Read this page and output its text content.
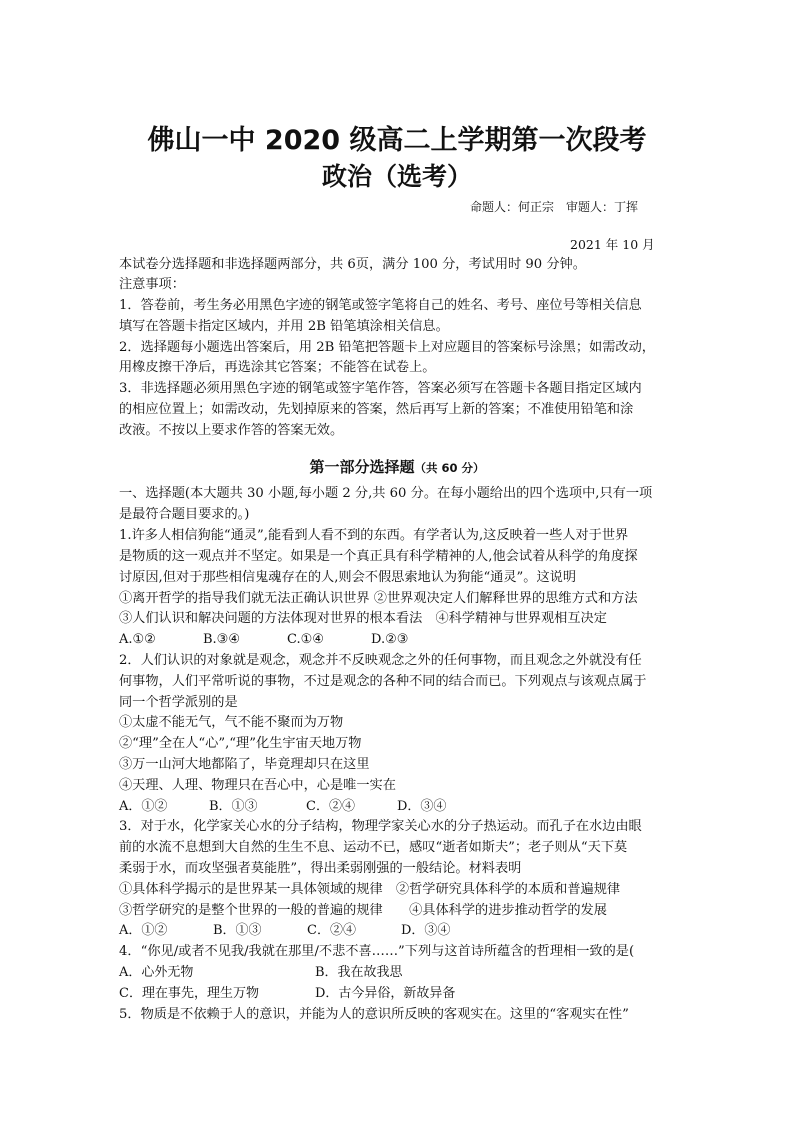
佛山一中 2020 级高二上学期第一次段考
政治（选考）
命题人：何正宗　审题人：丁挥
2021 年 10 月
本试卷分选择题和非选择题两部分，共 6页，满分 100 分，考试用时 90 分钟。
注意事项：
1．答卷前，考生务必用黑色字迹的钢笔或签字笔将自己的姓名、考号、座位号等相关信息
填写在答题卡指定区域内，并用 2B 铅笔填涂相关信息。
2．选择题每小题选出答案后，用 2B 铅笔把答题卡上对应题目的答案标号涂黑；如需改动，
用橡皮擦干净后，再选涂其它答案；不能答在试卷上。
3．非选择题必须用黑色字迹的钢笔或签字笔作答，答案必须写在答题卡各题目指定区域内
的相应位置上；如需改动，先划掉原来的答案，然后再写上新的答案；不准使用铅笔和涂
改液。不按以上要求作答的答案无效。
第一部分选择题（共 60 分）
一、选择题(本大题共 30 小题,每小题 2 分,共 60 分。在每小题给出的四个选项中,只有一项
是最符合题目要求的。)
1.许多人相信狗能“通灵”,能看到人看不到的东西。有学者认为,这反映着一些人对于世界
是物质的这一观点并不坚定。如果是一个真正具有科学精神的人,他会试着从科学的角度探
讨原因,但对于那些相信鬼魂存在的人,则会不假思索地认为狗能“通灵”。这说明
①离开哲学的指导我们就无法正确认识世界 ②世界观决定人们解释世界的思维方式和方法
③人们认识和解决问题的方法体现对世界的根本看法　④科学精神与世界观相互决定
A.①②	B.③④	C.①④	D.②③
2．人们认识的对象就是观念，观念并不反映观念之外的任何事物，而且观念之外就没有任
何事物，人们平常听说的事物，不过是观念的各种不同的结合而已。下列观点与该观点属于
同一个哲学派别的是
①太虚不能无气，气不能不聚而为万物
②“理”全在人“心”,“理”化生宇宙天地万物
③万一山河大地都陷了，毕竟理却只在这里
④天理、人理、物理只在吾心中，心是唯一实在
A．①②	B．①③	C．②④	D．③④
3．对于水，化学家关心水的分子结构，物理学家关心水的分子热运动。而孔子在水边由眼
前的水流不息想到大自然的生生不息、运动不已，感叹“逝者如斯夫”；老子则从“天下莫
柔弱于水，而攻坚强者莫能胜”，得出柔弱刚强的一般结论。材料表明
①具体科学揭示的是世界某一具体领域的规律　②哲学研究具体科学的本质和普遍规律
③哲学研究的是整个世界的一般的普遍的规律　　④具体科学的进步推动哲学的发展
A．①②	B．①③	C．②④	D．③④
4．“你见/或者不见我/我就在那里/不悲不喜……”下列与这首诗所蕴含的哲理相一致的是(
A．心外无物	B．我在故我思
C．理在事先，理生万物	D．古今异俗，新故异备
5．物质是不依赖于人的意识，并能为人的意识所反映的客观实在。这里的“客观实在性”
